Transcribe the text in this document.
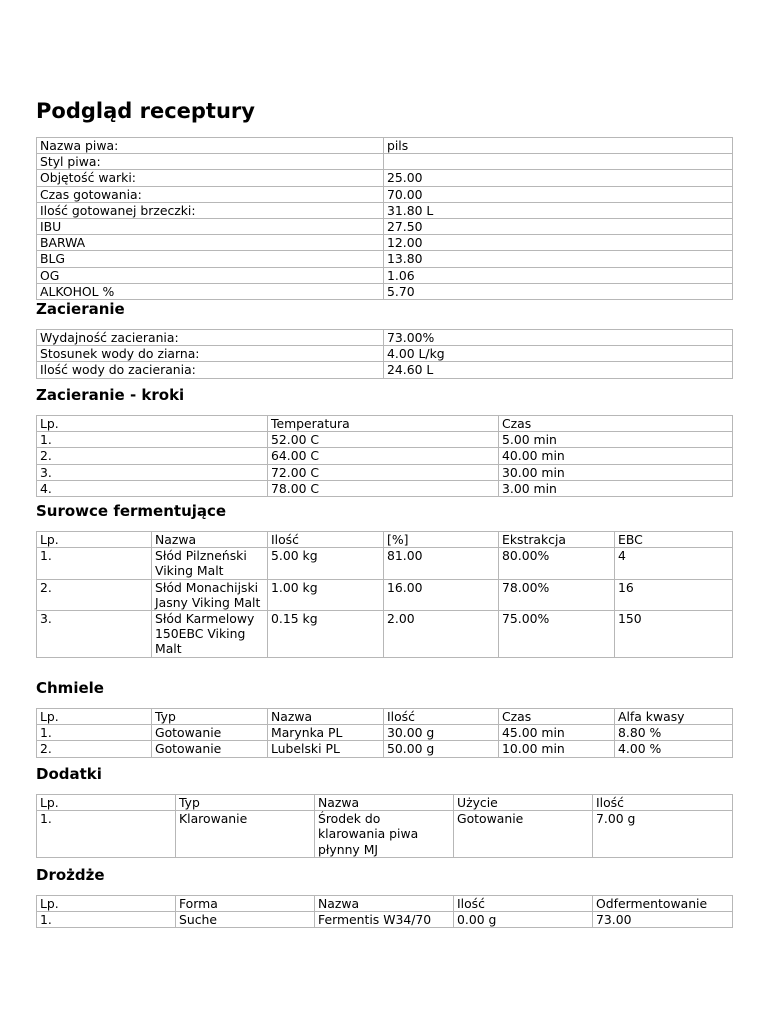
Podgląd receptury
Nazwa piwa:	pils
Styl piwa:	
Objętość warki:	25.00
Czas gotowania:	70.00
Ilość gotowanej brzeczki:	31.80 L
IBU	27.50
BARWA	12.00
BLG	13.80
OG	1.06
ALKOHOL %	5.70
Zacieranie
Wydajność zacierania:	73.00%
Stosunek wody do ziarna:	4.00 L/kg
Ilość wody do zacierania:	24.60 L
Zacieranie - kroki
Lp.	Temperatura	Czas
1.	52.00 C	5.00 min
2.	64.00 C	40.00 min
3.	72.00 C	30.00 min
4.	78.00 C	3.00 min
Surowce fermentujące
Lp.	Nazwa	Ilość	[%]	Ekstrakcja	EBC
1.	Słód Pilzneński Viking Malt	5.00 kg	81.00	80.00%	4
2.	Słód Monachijski Jasny Viking Malt	1.00 kg	16.00	78.00%	16
3.	Słód Karmelowy 150EBC Viking Malt	0.15 kg	2.00	75.00%	150
Chmiele
Lp.	Typ	Nazwa	Ilość	Czas	Alfa kwasy
1.	Gotowanie	Marynka PL	30.00 g	45.00 min	8.80 %
2.	Gotowanie	Lubelski PL	50.00 g	10.00 min	4.00 %
Dodatki
Lp.	Typ	Nazwa	Użycie	Ilość
1.	Klarowanie	Środek do klarowania piwa płynny MJ	Gotowanie	7.00 g
Drożdże
Lp.	Forma	Nazwa	Ilość	Odfermentowanie
1.	Suche	Fermentis W34/70	0.00 g	73.00
